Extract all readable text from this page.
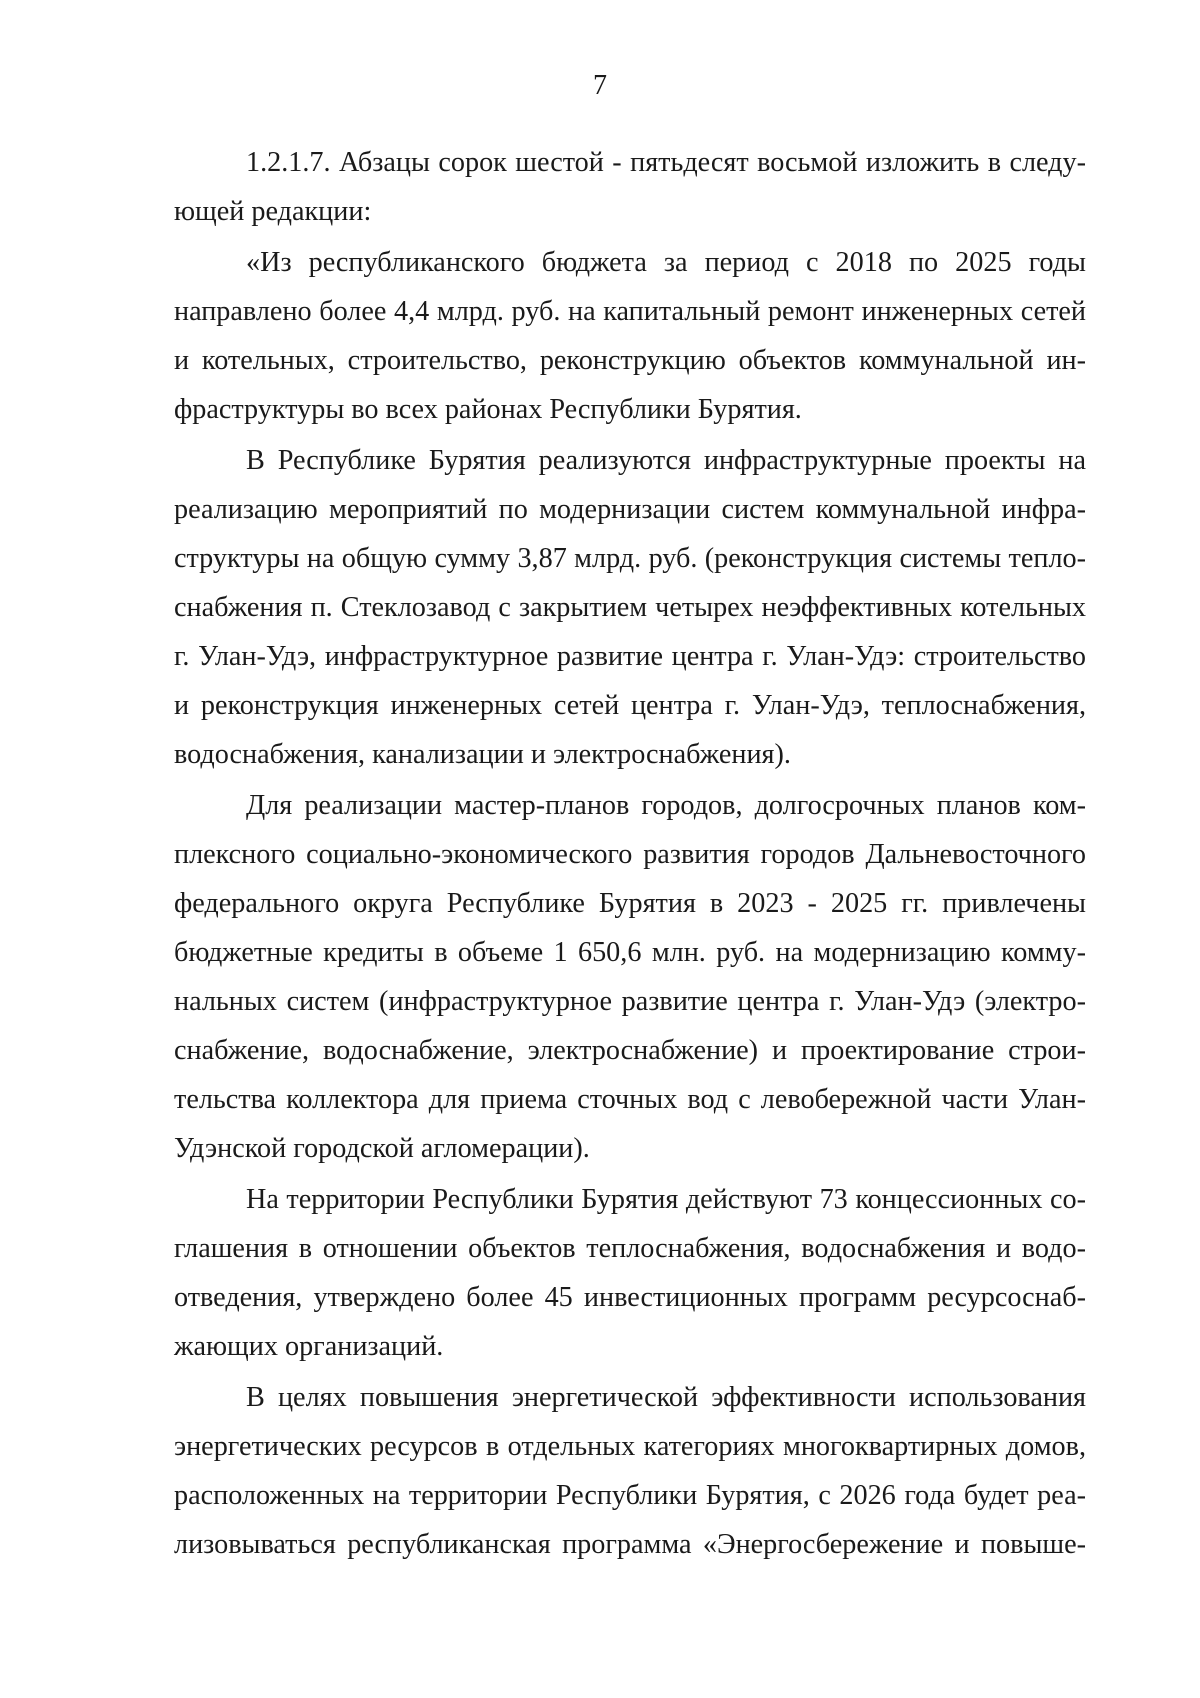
7
1.2.1.7. Абзацы сорок шестой - пятьдесят восьмой изложить в следу-
ющей редакции:
«Из республиканского бюджета за период с 2018 по 2025 годы
направлено более 4,4 млрд. руб. на капитальный ремонт инженерных сетей
и котельных, строительство, реконструкцию объектов коммунальной ин-
фраструктуры во всех районах Республики Бурятия.
В Республике Бурятия реализуются инфраструктурные проекты на
реализацию мероприятий по модернизации систем коммунальной инфра-
структуры на общую сумму 3,87 млрд. руб. (реконструкция системы тепло-
снабжения п. Стеклозавод с закрытием четырех неэффективных котельных
г. Улан-Удэ, инфраструктурное развитие центра г. Улан-Удэ: строительство
и реконструкция инженерных сетей центра г. Улан-Удэ, теплоснабжения,
водоснабжения, канализации и электроснабжения).
Для реализации мастер-планов городов, долгосрочных планов ком-
плексного социально-экономического развития городов Дальневосточного
федерального округа Республике Бурятия в 2023 - 2025 гг. привлечены
бюджетные кредиты в объеме 1 650,6 млн. руб. на модернизацию комму-
нальных систем (инфраструктурное развитие центра г. Улан-Удэ (электро-
снабжение, водоснабжение, электроснабжение) и проектирование строи-
тельства коллектора для приема сточных вод с левобережной части Улан-
Удэнской городской агломерации).
На территории Республики Бурятия действуют 73 концессионных со-
глашения в отношении объектов теплоснабжения, водоснабжения и водо-
отведения, утверждено более 45 инвестиционных программ ресурсоснаб-
жающих организаций.
В целях повышения энергетической эффективности использования
энергетических ресурсов в отдельных категориях многоквартирных домов,
расположенных на территории Республики Бурятия, с 2026 года будет реа-
лизовываться республиканская программа «Энергосбережение и повыше-
